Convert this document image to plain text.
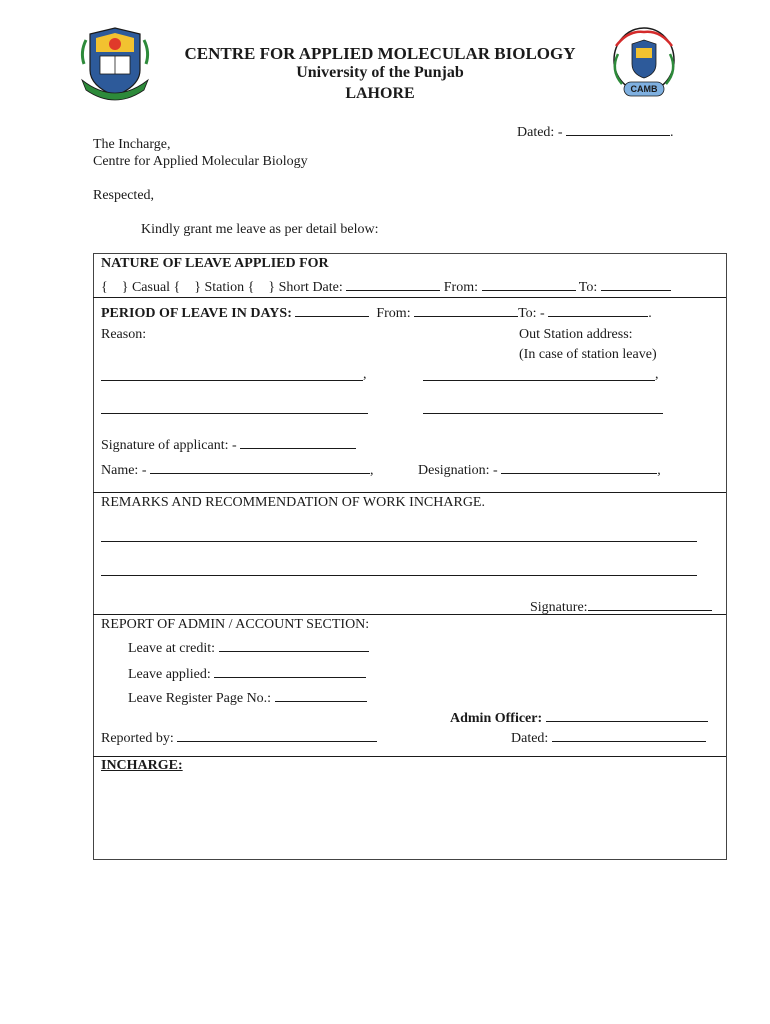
CAMB
CENTRE FOR APPLIED MOLECULAR BIOLOGY
University of the Punjab
LAHORE
Dated: -	.
The Incharge,
Centre for Applied Molecular Biology
Respected,
Kindly grant me leave as per detail below:
NATURE OF LEAVE APPLIED FOR
{    } Casual {    } Station {    } Short Date:	From:	To:
PERIOD OF LEAVE IN DAYS:	From:	To: -	.
Reason:	Out Station address:
(In case of station leave)
,	,
Signature of applicant: -
Name: -	,	Designation: -	,
REMARKS AND RECOMMENDATION OF WORK INCHARGE.
Signature:
REPORT OF ADMIN / ACCOUNT SECTION:
Leave at credit:
Leave applied:
Leave Register Page No.:
Admin Officer:
Reported by:	Dated:
INCHARGE:
